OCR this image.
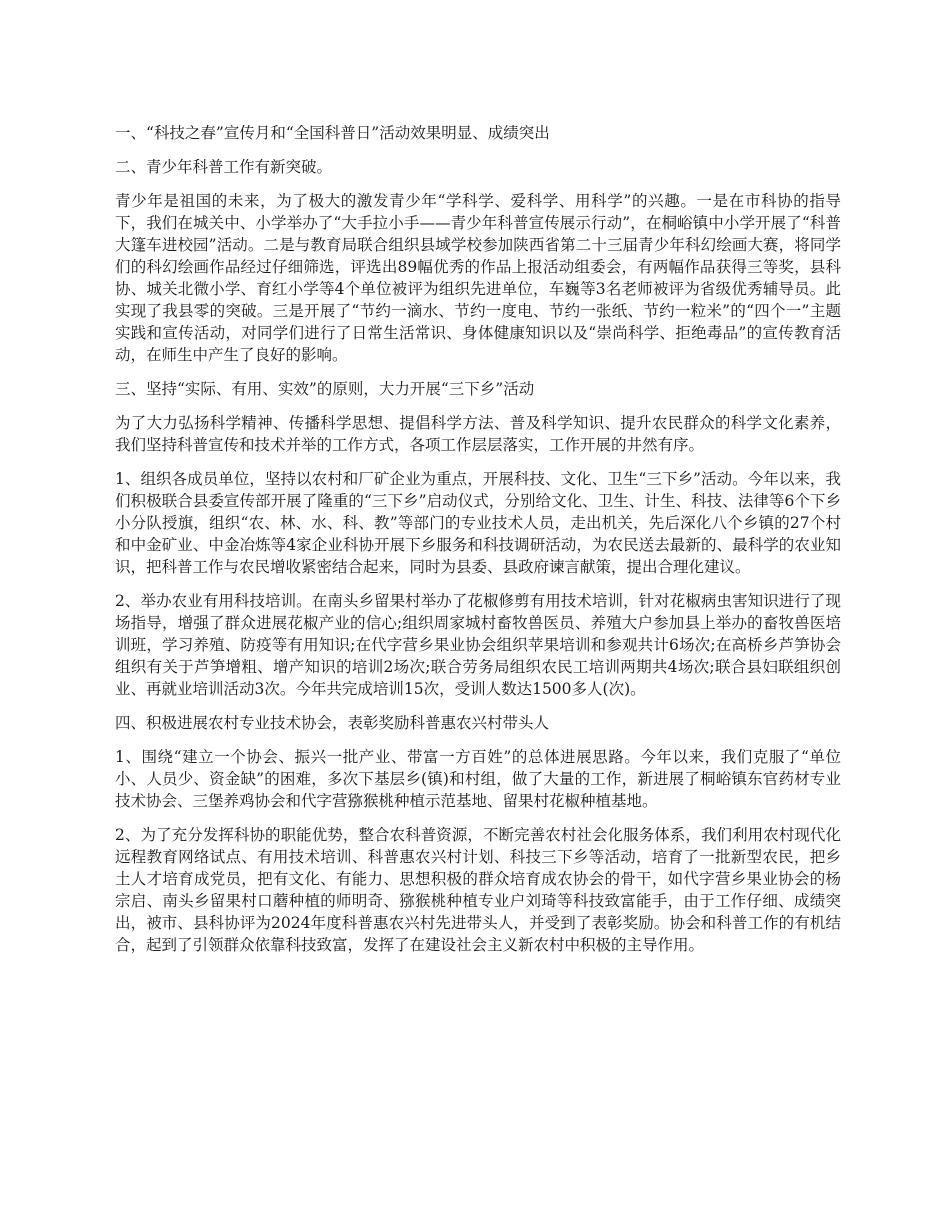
一、“科技之春”宣传月和“全国科普日”活动效果明显、成绩突出

二、青少年科普工作有新突破。

青少年是祖国的未来，为了极大的激发青少年“学科学、爱科学、用科学”的兴趣。一是在市科协的指导下，我们在城关中、小学举办了“大手拉小手——青少年科普宣传展示行动”，在桐峪镇中小学开展了“科普大篷车进校园”活动。二是与教育局联合组织县域学校参加陕西省第二十三届青少年科幻绘画大赛，将同学们的科幻绘画作品经过仔细筛选，评选出89幅优秀的作品上报活动组委会，有两幅作品获得三等奖，县科协、城关北微小学、育红小学等4个单位被评为组织先进单位，车巍等3名老师被评为省级优秀辅导员。此实现了我县零的突破。三是开展了“节约一滴水、节约一度电、节约一张纸、节约一粒米”的“四个一”主题实践和宣传活动，对同学们进行了日常生活常识、身体健康知识以及“崇尚科学、拒绝毒品”的宣传教育活动，在师生中产生了良好的影响。

三、坚持“实际、有用、实效”的原则，大力开展“三下乡”活动

为了大力弘扬科学精神、传播科学思想、提倡科学方法、普及科学知识、提升农民群众的科学文化素养，我们坚持科普宣传和技术并举的工作方式，各项工作层层落实，工作开展的井然有序。

1、组织各成员单位，坚持以农村和厂矿企业为重点，开展科技、文化、卫生“三下乡”活动。今年以来，我们积极联合县委宣传部开展了隆重的“三下乡”启动仪式，分别给文化、卫生、计生、科技、法律等6个下乡小分队授旗，组织“农、林、水、科、教”等部门的专业技术人员，走出机关，先后深化八个乡镇的27个村和中金矿业、中金冶炼等4家企业科协开展下乡服务和科技调研活动，为农民送去最新的、最科学的农业知识，把科普工作与农民增收紧密结合起来，同时为县委、县政府谏言献策，提出合理化建议。

2、举办农业有用科技培训。在南头乡留果村举办了花椒修剪有用技术培训，针对花椒病虫害知识进行了现场指导，增强了群众进展花椒产业的信心;组织周家城村畜牧兽医员、养殖大户参加县上举办的畜牧兽医培训班，学习养殖、防疫等有用知识;在代字营乡果业协会组织苹果培训和参观共计6场次;在高桥乡芦笋协会组织有关于芦笋增粗、增产知识的培训2场次;联合劳务局组织农民工培训两期共4场次;联合县妇联组织创业、再就业培训活动3次。今年共完成培训15次，受训人数达1500多人(次)。

四、积极进展农村专业技术协会，表彰奖励科普惠农兴村带头人

1、围绕“建立一个协会、振兴一批产业、带富一方百姓”的总体进展思路。今年以来，我们克服了“单位小、人员少、资金缺”的困难，多次下基层乡(镇)和村组，做了大量的工作，新进展了桐峪镇东官药材专业技术协会、三堡养鸡协会和代字营猕猴桃种植示范基地、留果村花椒种植基地。

2、为了充分发挥科协的职能优势，整合农科普资源，不断完善农村社会化服务体系，我们利用农村现代化远程教育网络试点、有用技术培训、科普惠农兴村计划、科技三下乡等活动，培育了一批新型农民，把乡土人才培育成党员，把有文化、有能力、思想积极的群众培育成农协会的骨干，如代字营乡果业协会的杨宗启、南头乡留果村口蘑种植的师明奇、猕猴桃种植专业户刘琦等科技致富能手，由于工作仔细、成绩突出，被市、县科协评为2024年度科普惠农兴村先进带头人，并受到了表彰奖励。协会和科普工作的有机结合，起到了引领群众依靠科技致富，发挥了在建设社会主义新农村中积极的主导作用。
